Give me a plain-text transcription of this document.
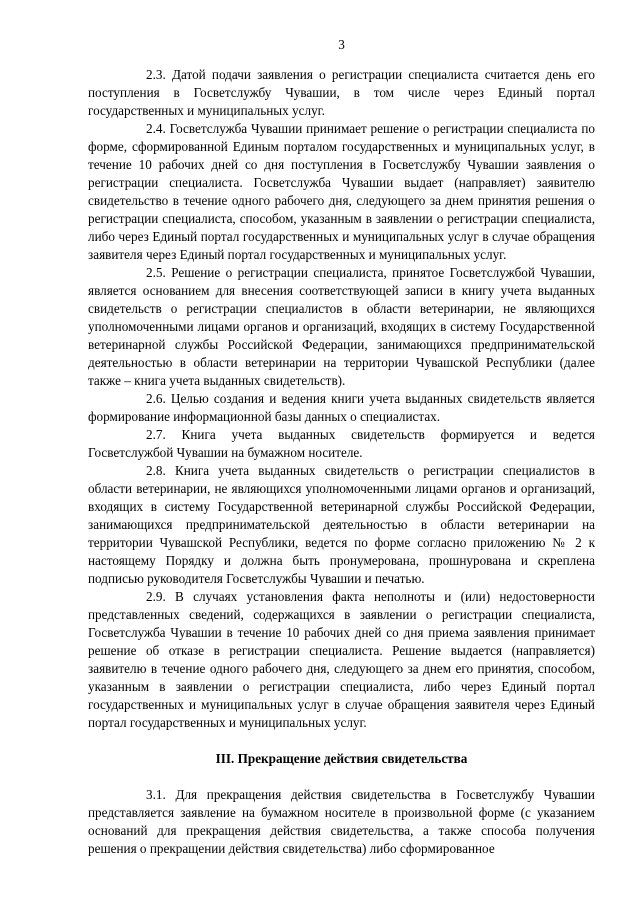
3

2.3. Датой подачи заявления о регистрации специалиста считается день его поступления в Госветслужбу Чувашии, в том числе через Единый портал государственных и муниципальных услуг.

2.4. Госветслужба Чувашии принимает решение о регистрации специалиста по форме, сформированной Единым порталом государственных и муниципальных услуг, в течение 10 рабочих дней со дня поступления в Госветслужбу Чувашии заявления о регистрации специалиста. Госветслужба Чувашии выдает (направляет) заявителю свидетельство в течение одного рабочего дня, следующего за днем принятия решения о регистрации специалиста, способом, указанным в заявлении о регистрации специалиста, либо через Единый портал государственных и муниципальных услуг в случае обращения заявителя через Единый портал государственных и муниципальных услуг.

2.5. Решение о регистрации специалиста, принятое Госветслужбой Чувашии, является основанием для внесения соответствующей записи в книгу учета выданных свидетельств о регистрации специалистов в области ветеринарии, не являющихся уполномоченными лицами органов и организаций, входящих в систему Государственной ветеринарной службы Российской Федерации, занимающихся предпринимательской деятельностью в области ветеринарии на территории Чувашской Республики (далее также – книга учета выданных свидетельств).

2.6. Целью создания и ведения книги учета выданных свидетельств является формирование информационной базы данных о специалистах.

2.7. Книга учета выданных свидетельств формируется и ведется Госветслужбой Чувашии на бумажном носителе.

2.8. Книга учета выданных свидетельств о регистрации специалистов в области ветеринарии, не являющихся уполномоченными лицами органов и организаций, входящих в систему Государственной ветеринарной службы Российской Федерации, занимающихся предпринимательской деятельностью в области ветеринарии на территории Чувашской Республики, ведется по форме согласно приложению № 2 к настоящему Порядку и должна быть пронумерована, прошнурована и скреплена подписью руководителя Госветслужбы Чувашии и печатью.

2.9. В случаях установления факта неполноты и (или) недостоверности представленных сведений, содержащихся в заявлении о регистрации специалиста, Госветслужба Чувашии в течение 10 рабочих дней со дня приема заявления принимает решение об отказе в регистрации специалиста. Решение выдается (направляется) заявителю в течение одного рабочего дня, следующего за днем его принятия, способом, указанным в заявлении о регистрации специалиста, либо через Единый портал государственных и муниципальных услуг в случае обращения заявителя через Единый портал государственных и муниципальных услуг.

III. Прекращение действия свидетельства

3.1. Для прекращения действия свидетельства в Госветслужбу Чувашии представляется заявление на бумажном носителе в произвольной форме (с указанием оснований для прекращения действия свидетельства, а также способа получения решения о прекращении действия свидетельства) либо сформированное
